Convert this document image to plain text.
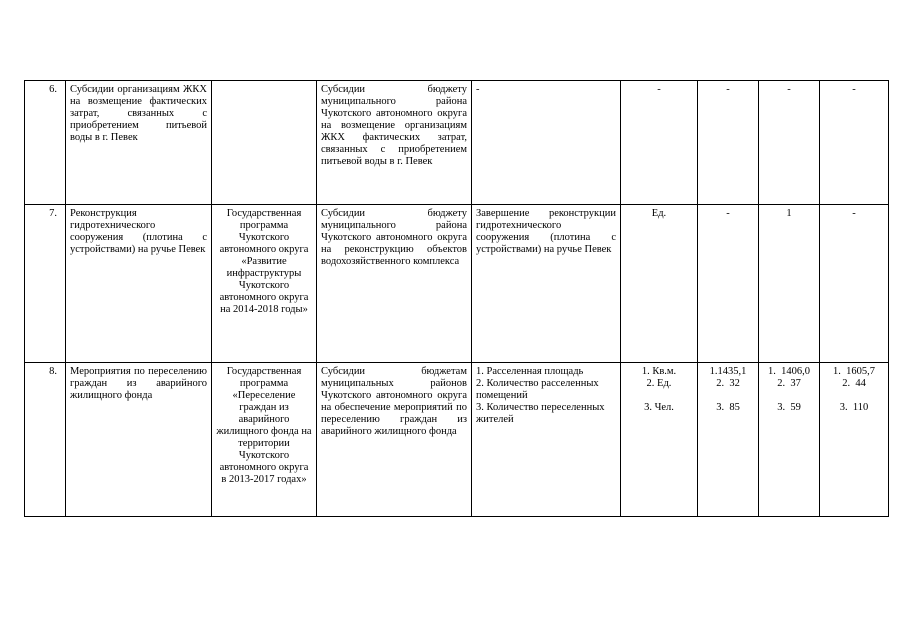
6.	Субсидии организациям ЖКХ на возмещение фактических затрат, связанных с приобретением питьевой воды в г. Певек		Субсидии бюджету муниципального района Чукотского автономного округа на возмещение организациям ЖКХ фактических затрат, связанных с приобретением питьевой воды в г. Певек	-	-	-	-	-
7.	Реконструкция гидротехнического сооружения (плотина с устройствами) на ручье Певек	Государственная программа Чукотского автономного округа «Развитие инфраструктуры Чукотского автономного округа на 2014-2018 годы»	Субсидии бюджету муниципального района Чукотского автономного округа на реконструкцию объектов водохозяйственного комплекса	Завершение реконструкции гидротехнического сооружения (плотина с устройствами) на ручье Певек	Ед.	-	1	-
8.	Мероприятия по переселению граждан из аварийного жилищного фонда	Государственная программа «Переселение граждан из аварийного жилищного фонда на территории Чукотского автономного округа в 2013-2017 годах»	Субсидии бюджетам муниципальных районов Чукотского автономного округа на обеспечение мероприятий по переселению граждан из аварийного жилищного фонда	1. Расселенная площадь
2. Количество расселенных помещений
3. Количество переселенных жителей	1. Кв.м.
2. Ед.

3. Чел.	1.1435,1
2.  32

3.  85	1.  1406,0
2.  37

3.  59	1.  1605,7
2.  44

3.  110
